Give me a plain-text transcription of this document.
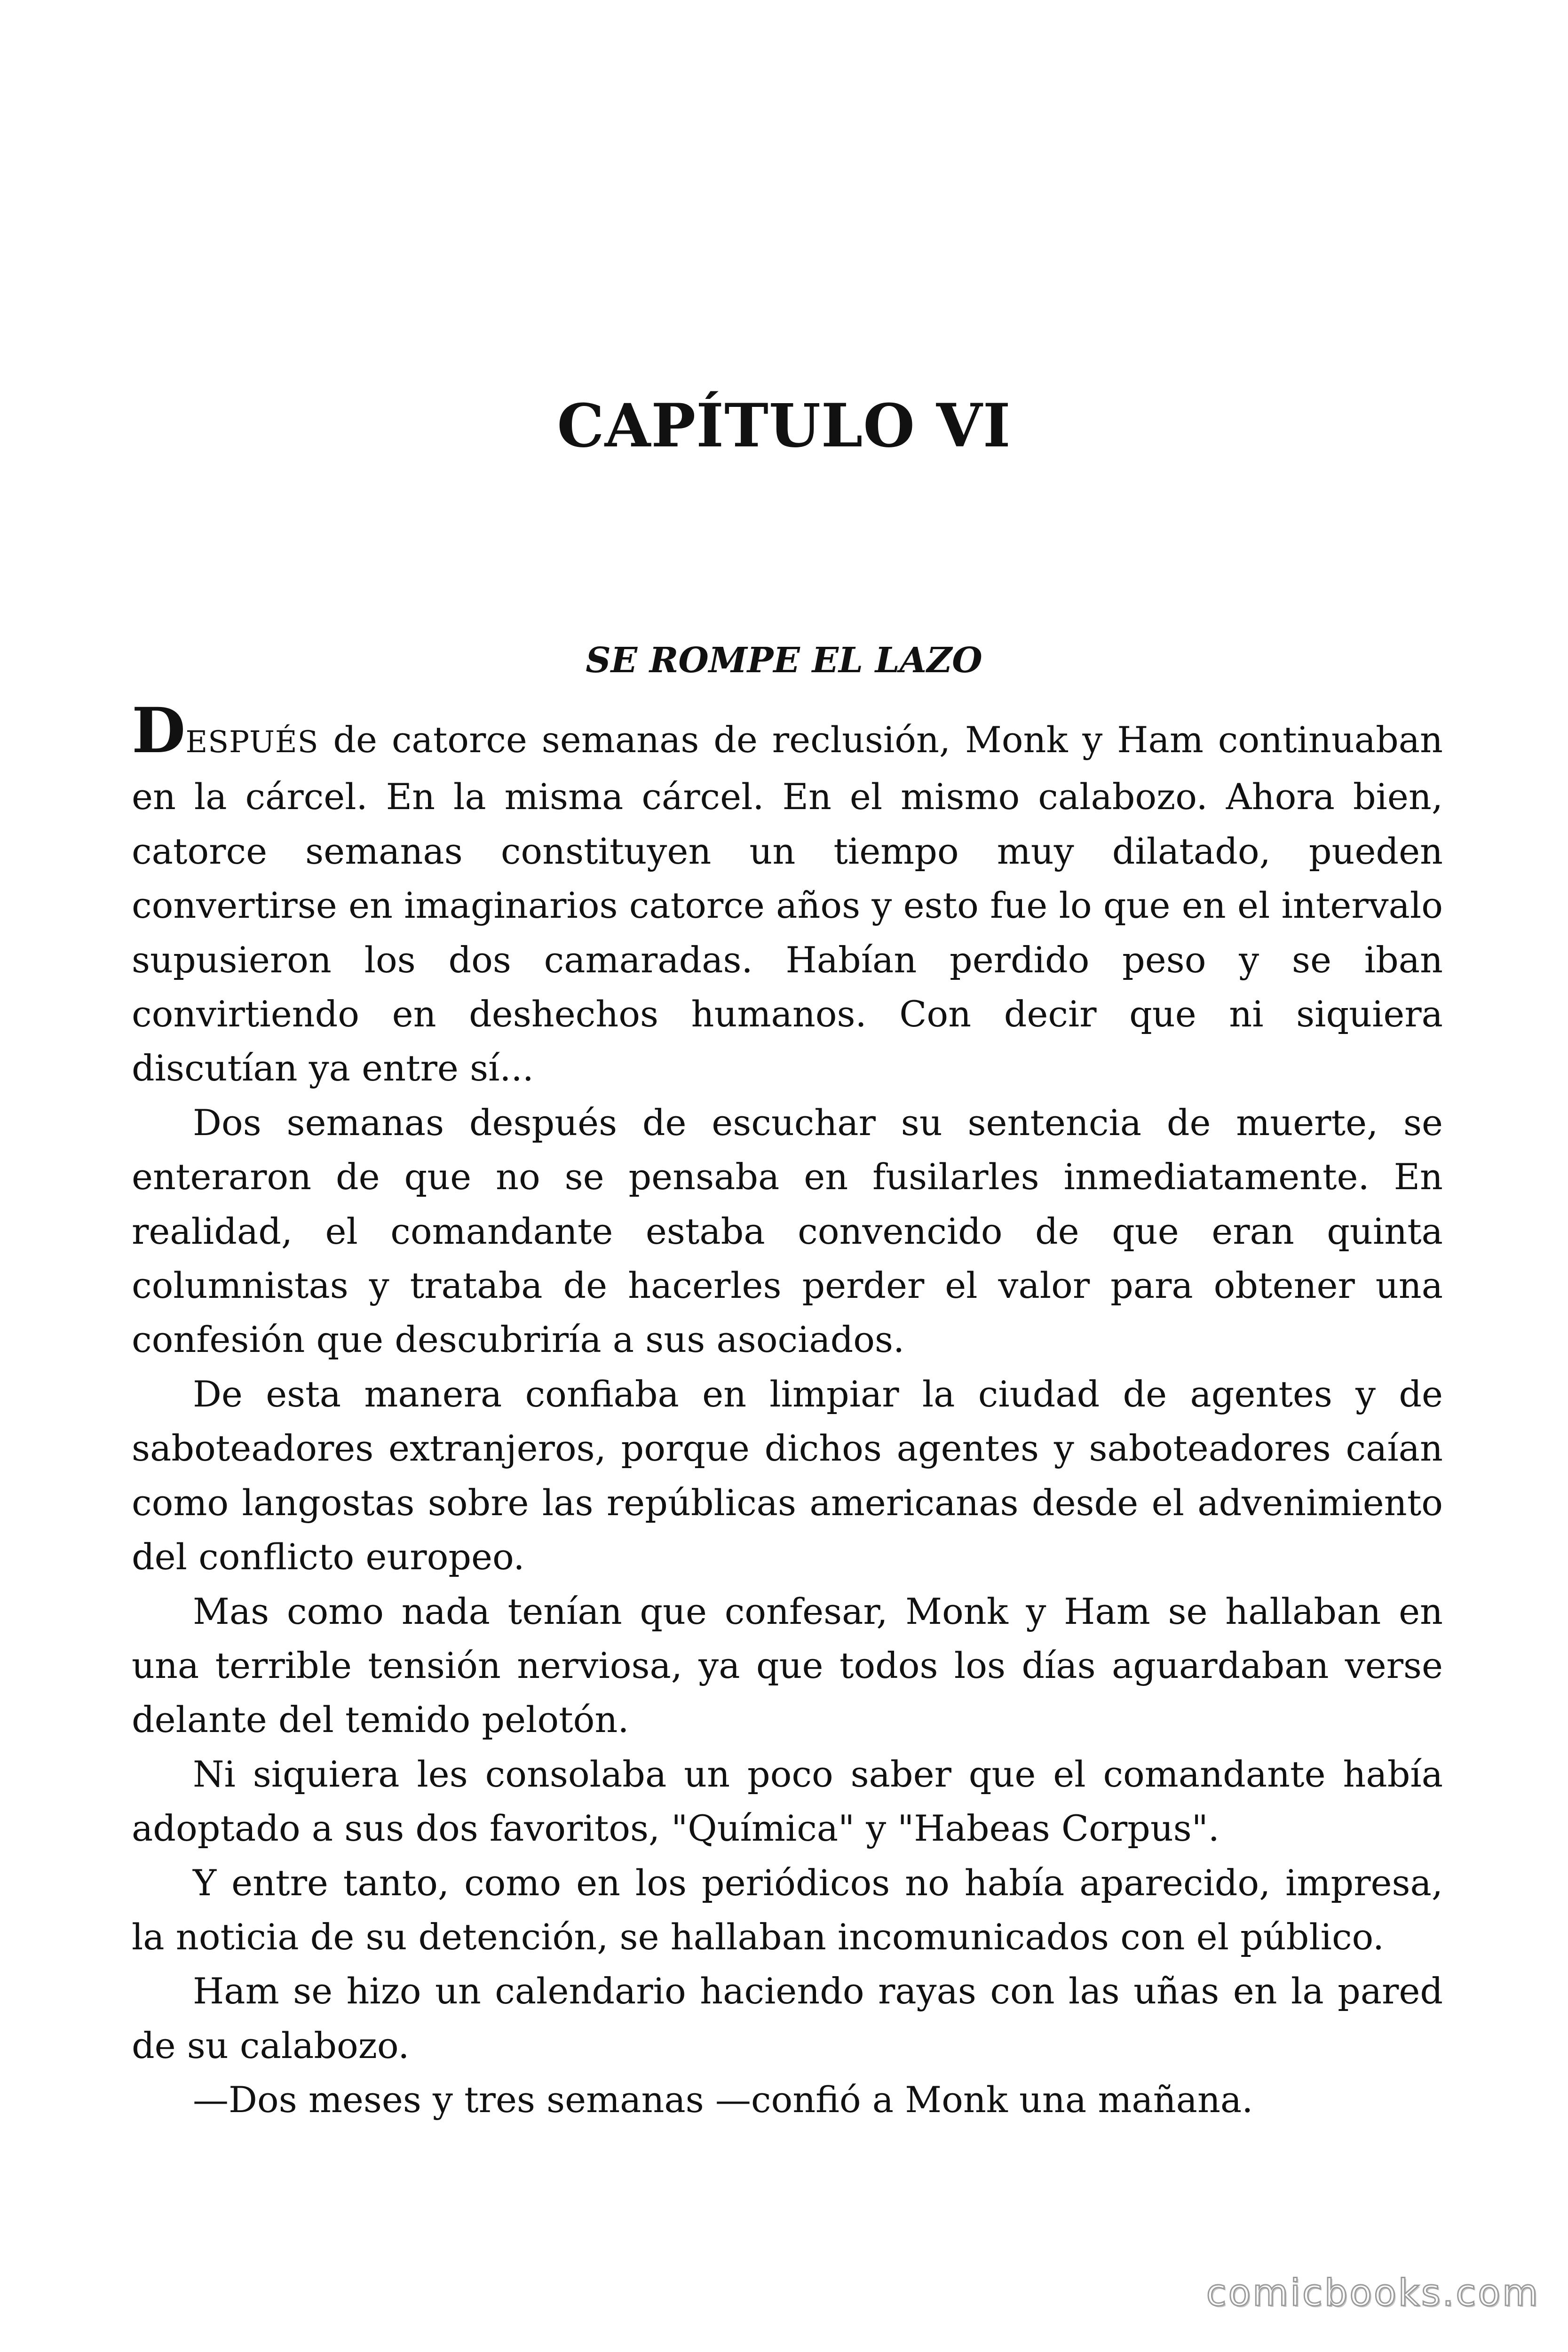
CAPÍTULO VI
SE ROMPE EL LAZO

DESPUÉS de catorce semanas de reclusión, Monk y Ham continuaban en la cárcel. En la misma cárcel. En el mismo calabozo. Ahora bien, catorce semanas constituyen un tiempo muy dilatado, pueden convertirse en imaginarios catorce años y esto fue lo que en el intervalo supusieron los dos camaradas. Habían perdido peso y se iban convirtiendo en deshechos humanos. Con decir que ni siquiera discutían ya entre sí...

Dos semanas después de escuchar su sentencia de muerte, se enteraron de que no se pensaba en fusilarles inmediatamente. En realidad, el comandante estaba convencido de que eran quinta columnistas y trataba de hacerles perder el valor para obtener una confesión que descubriría a sus asociados.

De esta manera confiaba en limpiar la ciudad de agentes y de saboteadores extranjeros, porque dichos agentes y saboteadores caían como langostas sobre las repúblicas americanas desde el advenimiento del conflicto europeo.

Mas como nada tenían que confesar, Monk y Ham se hallaban en una terrible tensión nerviosa, ya que todos los días aguardaban verse delante del temido pelotón.

Ni siquiera les consolaba un poco saber que el comandante había adoptado a sus dos favoritos, "Química" y "Habeas Corpus".

Y entre tanto, como en los periódicos no había aparecido, impresa, la noticia de su detención, se hallaban incomunicados con el público.

Ham se hizo un calendario haciendo rayas con las uñas en la pared de su calabozo.

—Dos meses y tres semanas —confió a Monk una mañana.

comicbooks.com
